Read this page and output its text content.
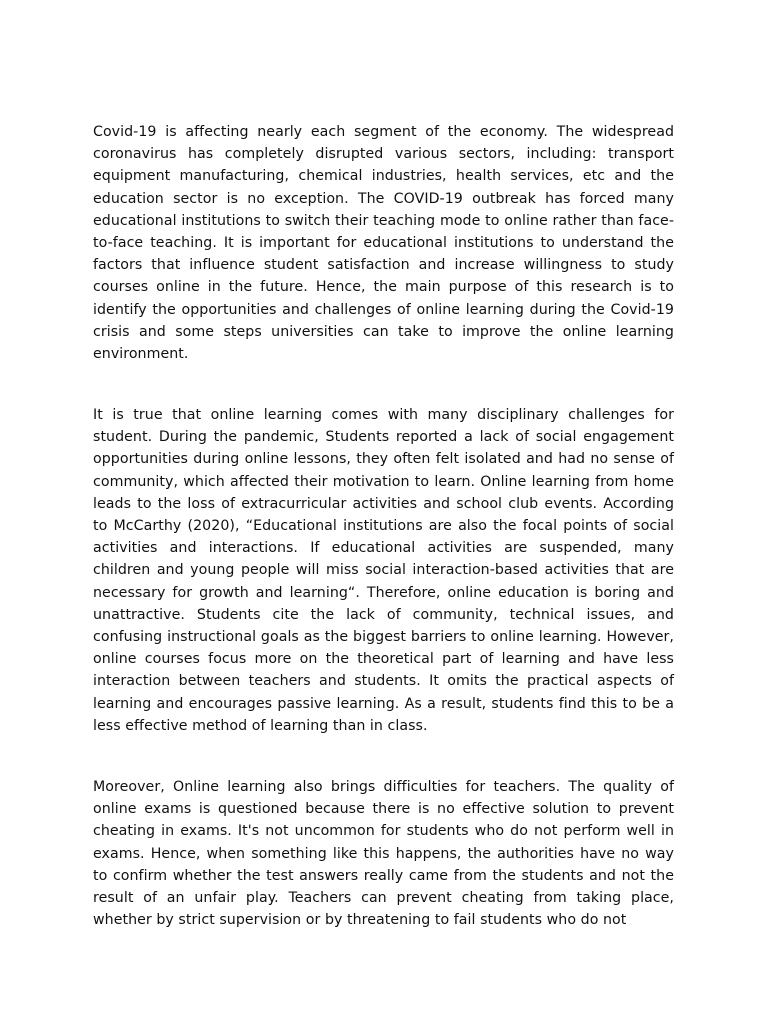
Covid-19 is affecting nearly each segment of the economy. The widespread coronavirus has completely disrupted various sectors, including: transport equipment manufacturing, chemical industries, health services, etc and the education sector is no exception. The COVID-19 outbreak has forced many educational institutions to switch their teaching mode to online rather than face-to-face teaching. It is important for educational institutions to understand the factors that influence student satisfaction and increase willingness to study courses online in the future. Hence, the main purpose of this research is to identify the opportunities and challenges of online learning during the Covid-19 crisis and some steps universities can take to improve the online learning environment.

It is true that online learning comes with many disciplinary challenges for student. During the pandemic, Students reported a lack of social engagement opportunities during online lessons, they often felt isolated and had no sense of community, which affected their motivation to learn. Online learning from home leads to the loss of extracurricular activities and school club events. According to McCarthy (2020), “Educational institutions are also the focal points of social activities and interactions. If educational activities are suspended, many children and young people will miss social interaction-based activities that are necessary for growth and learning“. Therefore, online education is boring and unattractive. Students cite the lack of community, technical issues, and confusing instructional goals as the biggest barriers to online learning. However, online courses focus more on the theoretical part of learning and have less interaction between teachers and students. It omits the practical aspects of learning and encourages passive learning. As a result, students find this to be a less effective method of learning than in class.

Moreover, Online learning also brings difficulties for teachers. The quality of online exams is questioned because there is no effective solution to prevent cheating in exams. It's not uncommon for students who do not perform well in exams. Hence, when something like this happens, the authorities have no way to confirm whether the test answers really came from the students and not the result of an unfair play. Teachers can prevent cheating from taking place, whether by strict supervision or by threatening to fail students who do not
